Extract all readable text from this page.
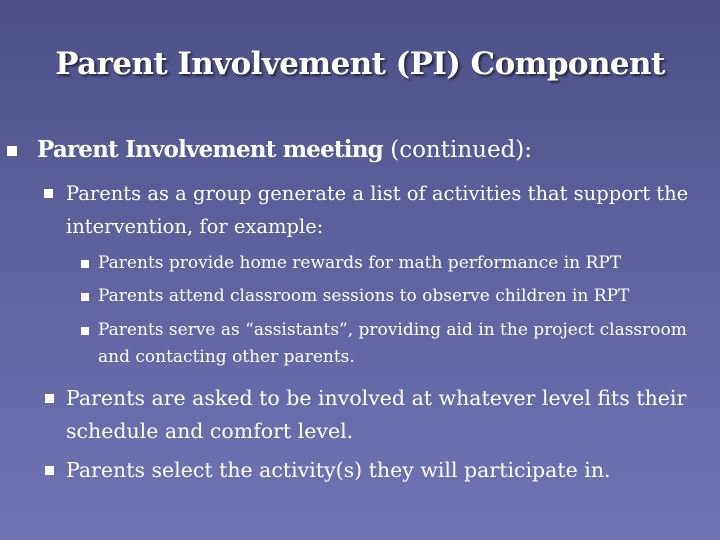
Parent Involvement (PI) Component
Parent Involvement meeting (continued):
Parents as a group generate a list of activities that support the intervention, for example:
Parents provide home rewards for math performance in RPT
Parents attend classroom sessions to observe children in RPT
Parents serve as “assistants”, providing aid in the project classroom and contacting other parents.
Parents are asked to be involved at whatever level fits their schedule and comfort level.
Parents select the activity(s) they will participate in.
